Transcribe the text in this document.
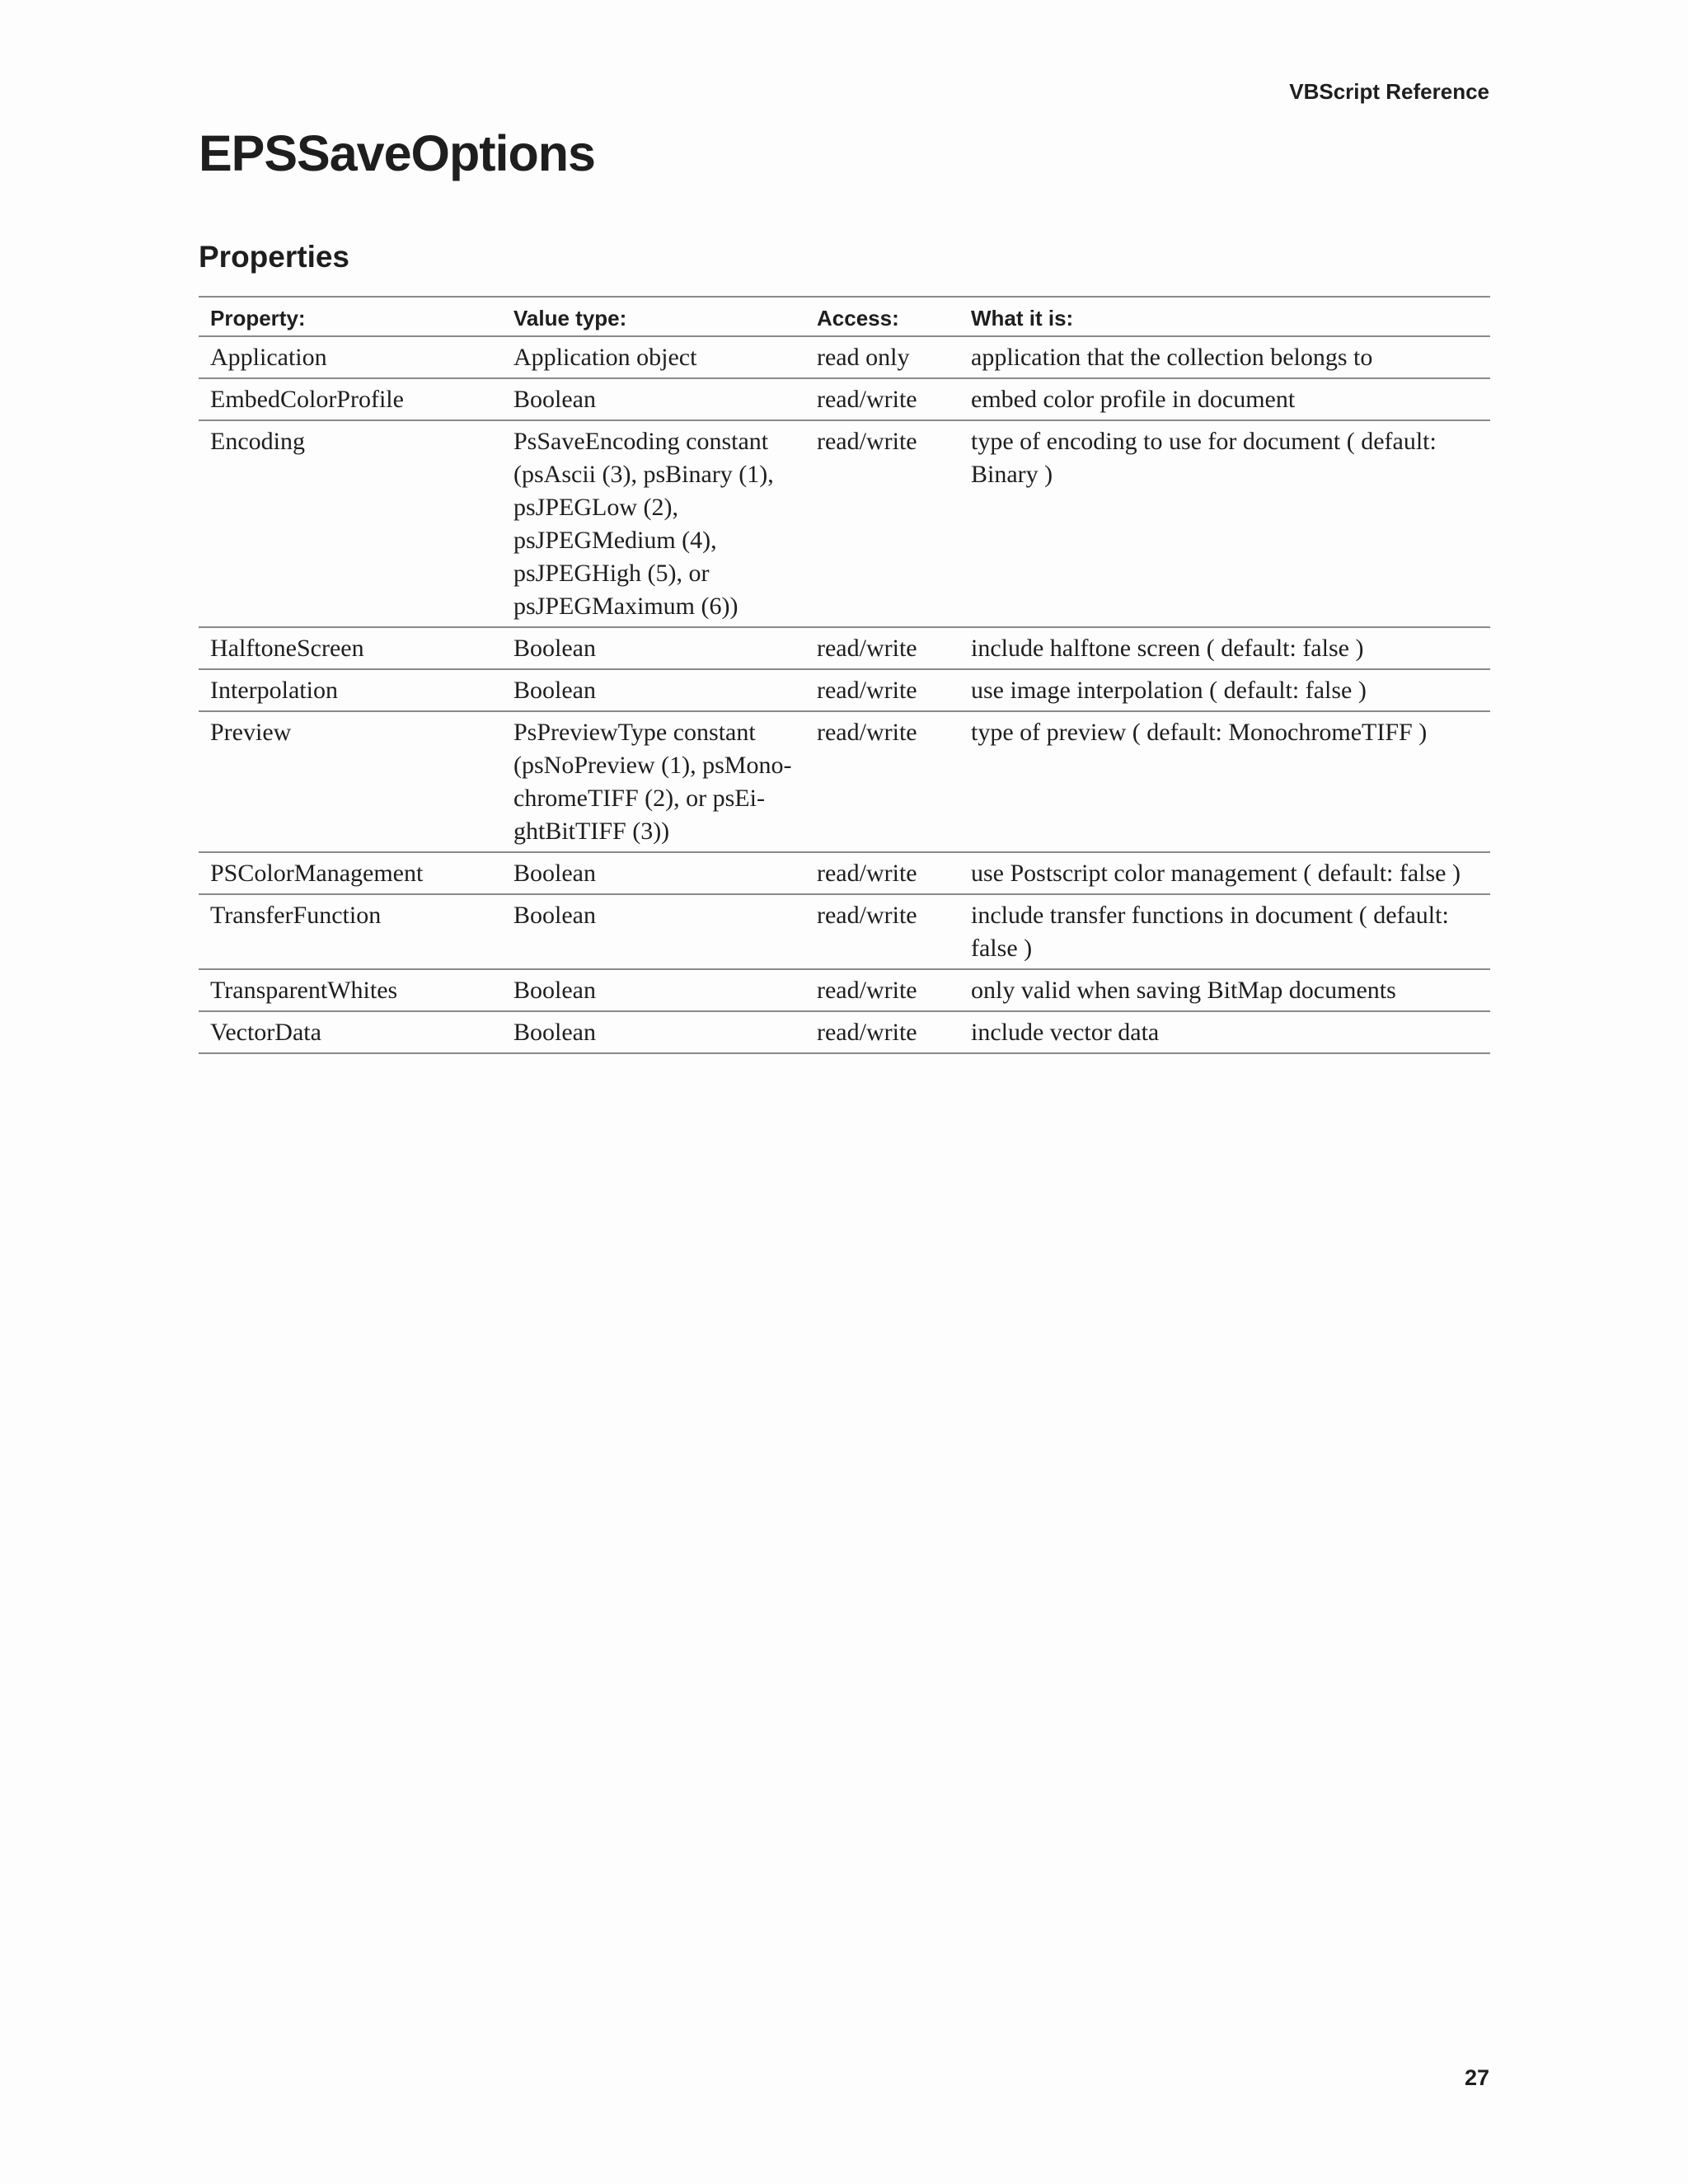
VBScript Reference

EPSSaveOptions
Properties
Property:	Value type:	Access:	What it is:
Application	Application object	read only	application that the collection belongs to
EmbedColorProfile	Boolean	read/write	embed color profile in document
Encoding	PsSaveEncoding constant (psAscii (3), psBinary (1), psJPEGLow (2), psJPEGMedium (4), psJPEGHigh (5), or psJPEGMaximum (6))	read/write	type of encoding to use for document ( default: Binary )
HalftoneScreen	Boolean	read/write	include halftone screen ( default: false )
Interpolation	Boolean	read/write	use image interpolation ( default: false )
Preview	PsPreviewType constant (psNoPreview (1), psMonochromeTIFF (2), or psEightBitTIFF (3))	read/write	type of preview ( default: MonochromeTIFF )
PSColorManagement	Boolean	read/write	use Postscript color management ( default: false )
TransferFunction	Boolean	read/write	include transfer functions in document ( default: false )
TransparentWhites	Boolean	read/write	only valid when saving BitMap documents
VectorData	Boolean	read/write	include vector data

27
